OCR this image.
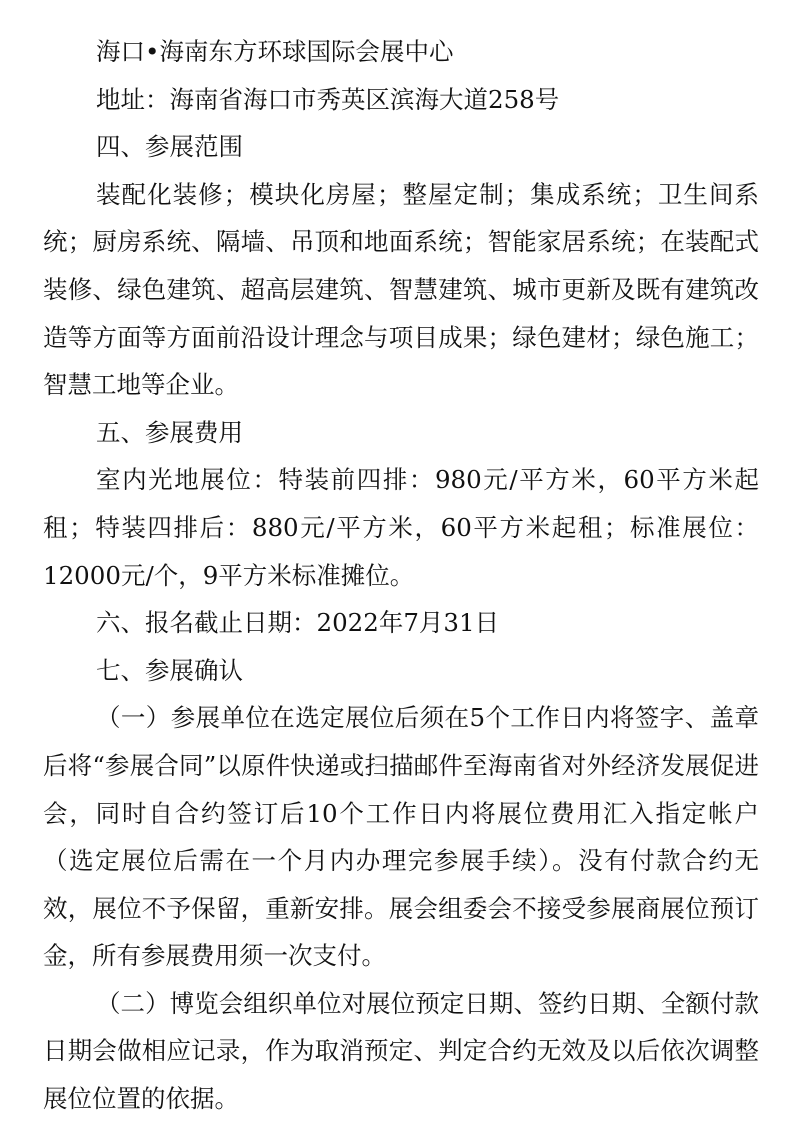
海口•海南东方环球国际会展中心

地址：海南省海口市秀英区滨海大道258号

四、参展范围

装配化装修；模块化房屋；整屋定制；集成系统；卫生间系统；厨房系统、隔墙、吊顶和地面系统；智能家居系统；在装配式装修、绿色建筑、超高层建筑、智慧建筑、城市更新及既有建筑改造等方面等方面前沿设计理念与项目成果；绿色建材；绿色施工；智慧工地等企业。

五、参展费用

室内光地展位：特装前四排：980元/平方米，60平方米起租；特装四排后：880元/平方米，60平方米起租；标准展位：12000元/个，9平方米标准摊位。

六、报名截止日期：2022年7月31日

七、参展确认

（一）参展单位在选定展位后须在5个工作日内将签字、盖章后将“参展合同”以原件快递或扫描邮件至海南省对外经济发展促进会，同时自合约签订后10个工作日内将展位费用汇入指定帐户（选定展位后需在一个月内办理完参展手续）。没有付款合约无效，展位不予保留，重新安排。展会组委会不接受参展商展位预订金，所有参展费用须一次支付。

（二）博览会组织单位对展位预定日期、签约日期、全额付款日期会做相应记录，作为取消预定、判定合约无效及以后依次调整展位位置的依据。
